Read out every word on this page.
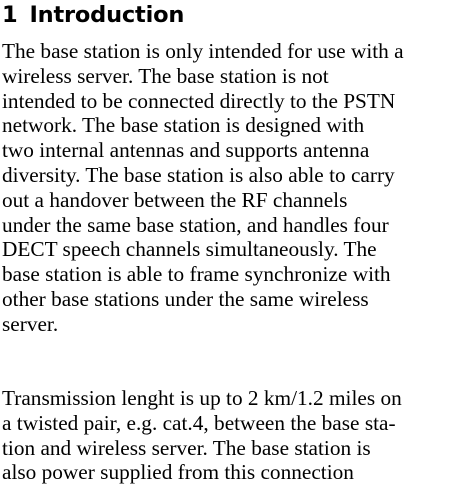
1 Introduction

The base station is only intended for use with a
wireless server. The base station is not
intended to be connected directly to the PSTN
network. The base station is designed with
two internal antennas and supports antenna
diversity. The base station is also able to carry
out a handover between the RF channels
under the same base station, and handles four
DECT speech channels simultaneously. The
base station is able to frame synchronize with
other base stations under the same wireless
server.

Transmission lenght is up to 2 km/1.2 miles on
a twisted pair, e.g. cat.4, between the base sta-
tion and wireless server. The base station is
also power supplied from this connection
